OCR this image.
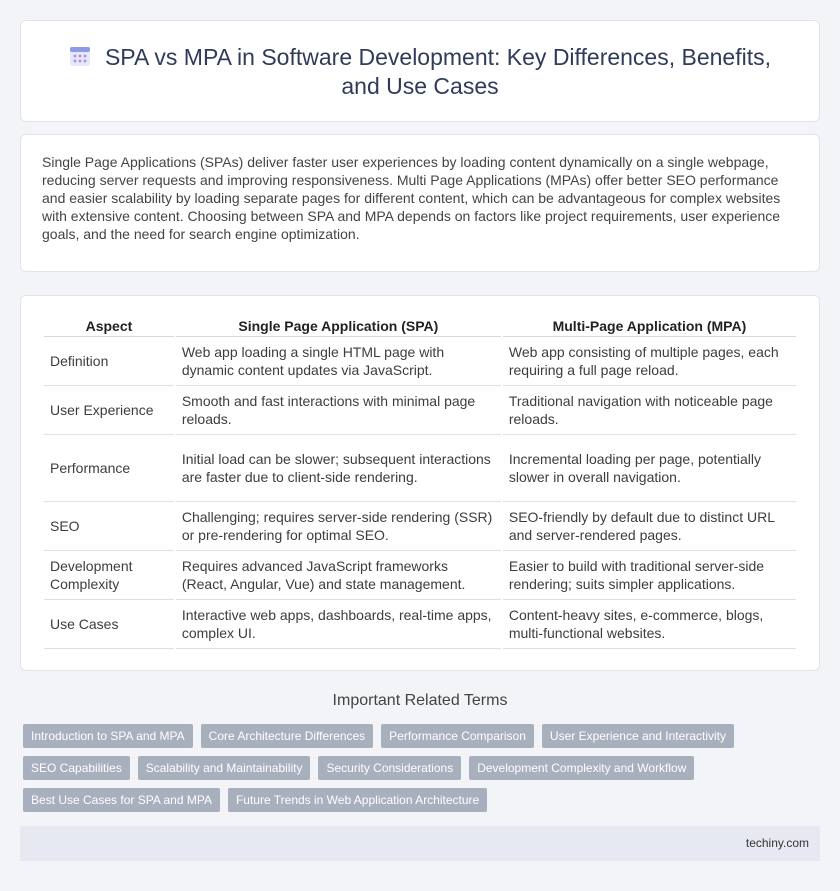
SPA vs MPA in Software Development: Key Differences, Benefits, and Use Cases

Single Page Applications (SPAs) deliver faster user experiences by loading content dynamically on a single webpage, reducing server requests and improving responsiveness. Multi Page Applications (MPAs) offer better SEO performance and easier scalability by loading separate pages for different content, which can be advantageous for complex websites with extensive content. Choosing between SPA and MPA depends on factors like project requirements, user experience goals, and the need for search engine optimization.

Aspect	Single Page Application (SPA)	Multi-Page Application (MPA)
Definition	Web app loading a single HTML page with dynamic content updates via JavaScript.	Web app consisting of multiple pages, each requiring a full page reload.
User Experience	Smooth and fast interactions with minimal page reloads.	Traditional navigation with noticeable page reloads.
Performance	Initial load can be slower; subsequent interactions are faster due to client-side rendering.	Incremental loading per page, potentially slower in overall navigation.
SEO	Challenging; requires server-side rendering (SSR) or pre-rendering for optimal SEO.	SEO-friendly by default due to distinct URL and server-rendered pages.
Development Complexity	Requires advanced JavaScript frameworks (React, Angular, Vue) and state management.	Easier to build with traditional server-side rendering; suits simpler applications.
Use Cases	Interactive web apps, dashboards, real-time apps, complex UI.	Content-heavy sites, e-commerce, blogs, multi-functional websites.
Important Related Terms
Introduction to SPA and MPA	Core Architecture Differences	Performance Comparison	User Experience and Interactivity
SEO Capabilities	Scalability and Maintainability	Security Considerations	Development Complexity and Workflow
Best Use Cases for SPA and MPA	Future Trends in Web Application Architecture
techiny.com
